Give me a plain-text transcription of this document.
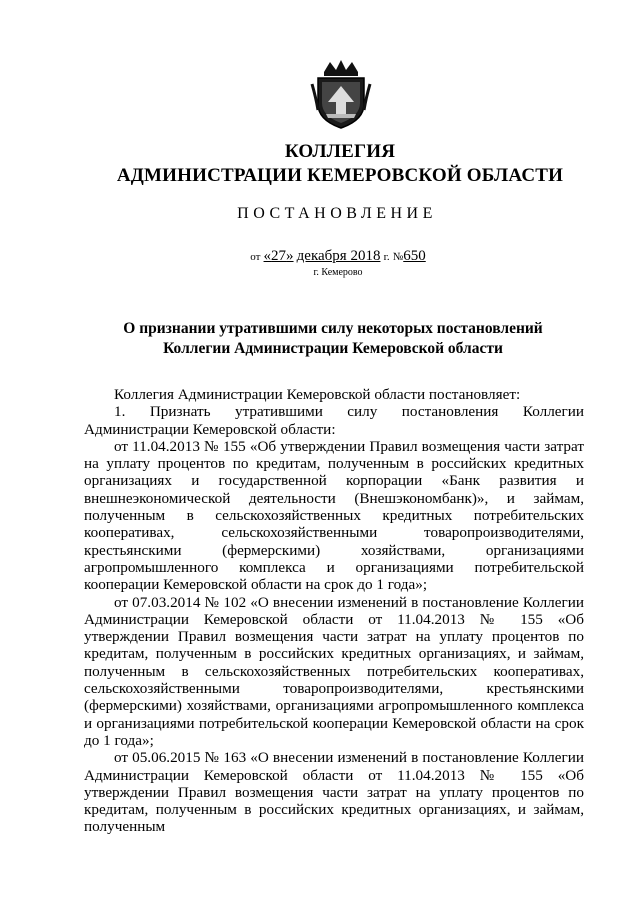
КОЛЛЕГИЯ
АДМИНИСТРАЦИИ КЕМЕРОВСКОЙ ОБЛАСТИ
ПОСТАНОВЛЕНИЕ
от «27» декабря 2018 г. №650
г. Кемерово
О признании утратившими силу некоторых постановлений
Коллегии Администрации Кемеровской области

Коллегия Администрации Кемеровской области постановляет:

1. Признать утратившими силу постановления Коллегии Администрации Кемеровской области:

от 11.04.2013 № 155 «Об утверждении Правил возмещения части затрат на уплату процентов по кредитам, полученным в российских кредитных организациях и государственной корпорации «Банк развития и внешнеэкономической деятельности (Внешэкономбанк)», и займам, полученным в сельскохозяйственных кредитных потребительских кооперативах, сельскохозяйственными товаропроизводителями, крестьянскими (фермерскими) хозяйствами, организациями агропромышленного комплекса и организациями потребительской кооперации Кемеровской области на срок до 1 года»;

от 07.03.2014 № 102 «О внесении изменений в постановление Коллегии Администрации Кемеровской области от 11.04.2013 № 155 «Об утверждении Правил возмещения части затрат на уплату процентов по кредитам, полученным в российских кредитных организациях, и займам, полученным в сельскохозяйственных потребительских кооперативах, сельскохозяйственными товаропроизводителями, крестьянскими (фермерскими) хозяйствами, организациями агропромышленного комплекса и организациями потребительской кооперации Кемеровской области на срок до 1 года»;

от 05.06.2015 № 163 «О внесении изменений в постановление Коллегии Администрации Кемеровской области от 11.04.2013 № 155 «Об утверждении Правил возмещения части затрат на уплату процентов по кредитам, полученным в российских кредитных организациях, и займам, полученным
